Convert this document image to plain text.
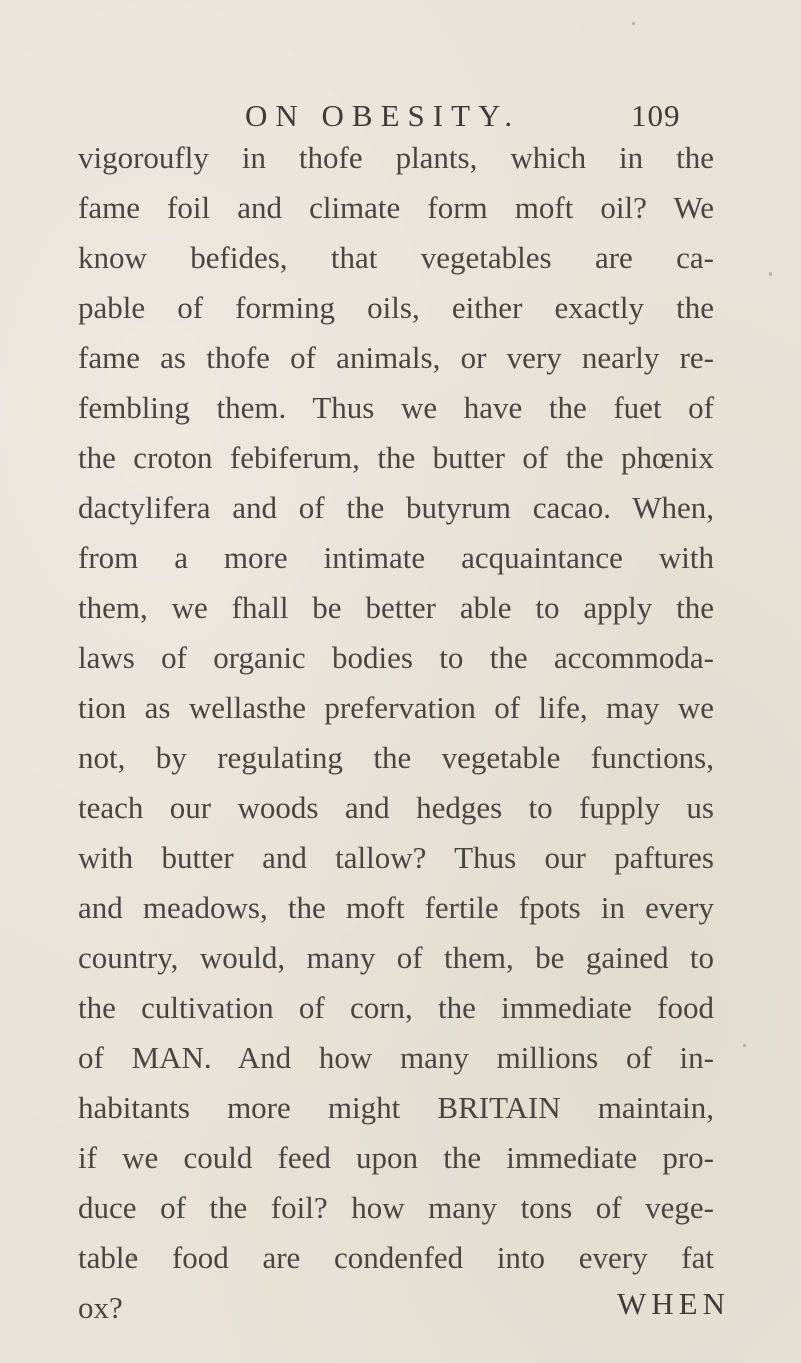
ON OBESITY.	109
vigoroufly in thofe plants, which in the
fame foil and climate form moft oil? We
know befides, that vegetables are ca-
pable of forming oils, either exactly the
fame as thofe of animals, or very nearly re-
fembling them. Thus we have the fuet of
the croton febiferum, the butter of the phœnix
dactylifera and of the butyrum cacao. When,
from a more intimate acquaintance with
them, we fhall be better able to apply the
laws of organic bodies to the accommoda-
tion as wellasthe prefervation of life, may we
not, by regulating the vegetable functions,
teach our woods and hedges to fupply us
with butter and tallow? Thus our paftures
and meadows, the moft fertile fpots in every
country, would, many of them, be gained to
the cultivation of corn, the immediate food
of MAN. And how many millions of in-
habitants more might BRITAIN maintain,
if we could feed upon the immediate pro-
duce of the foil? how many tons of vege-
table food are condenfed into every fat
ox?	WHEN
